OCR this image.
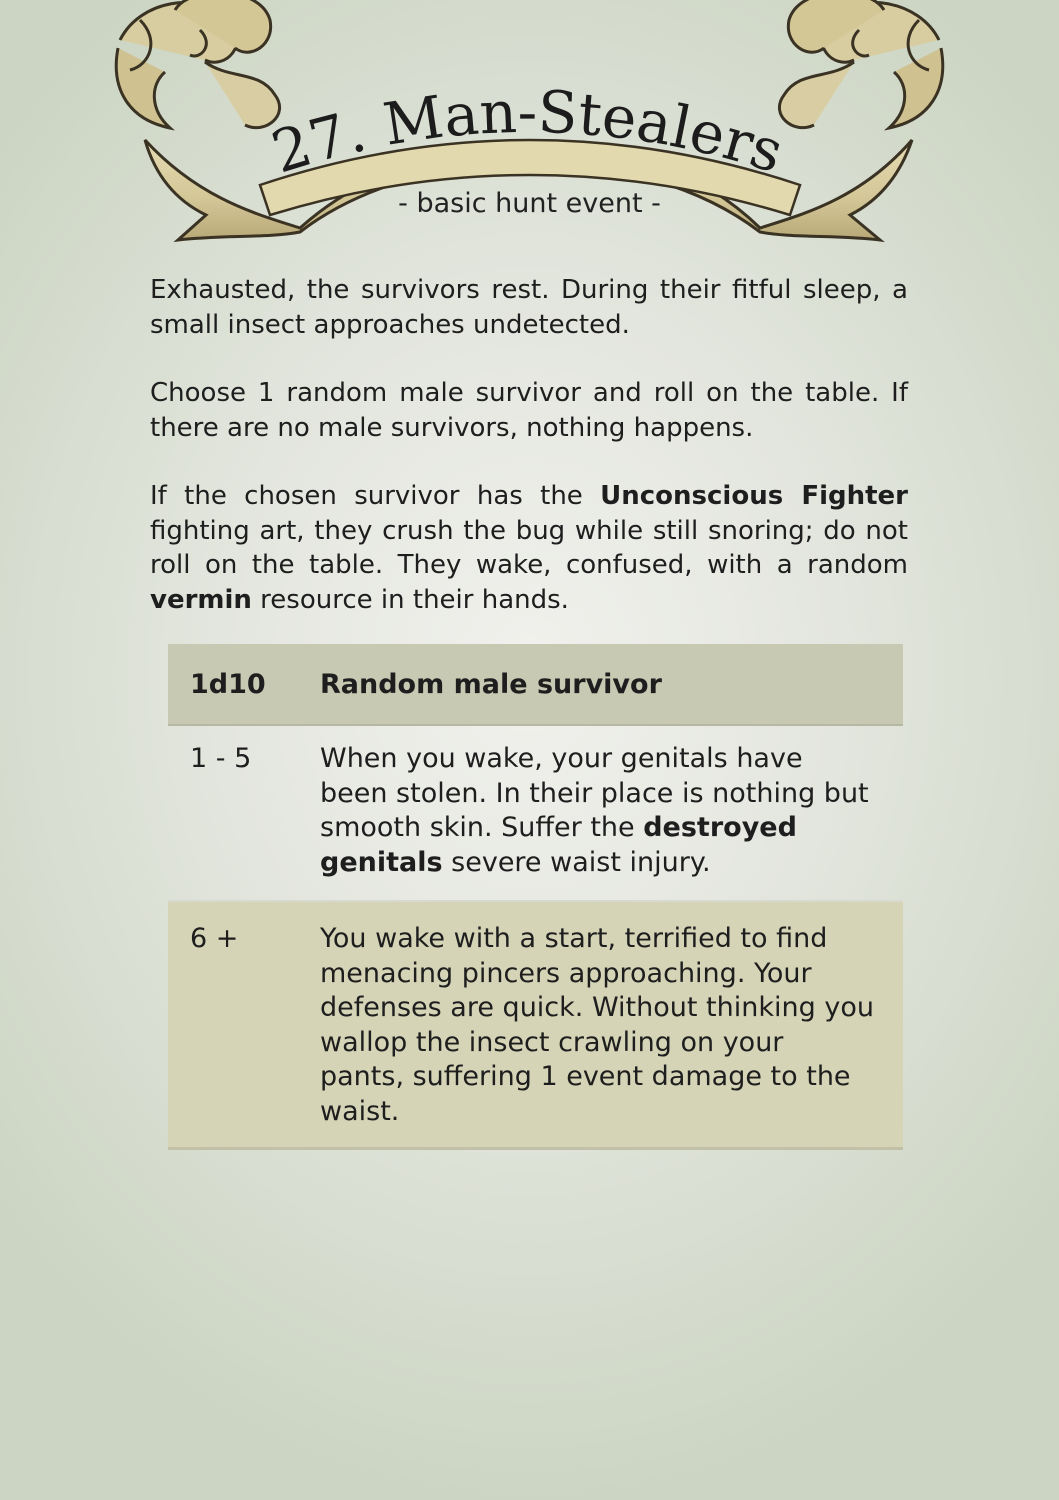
27. Man-Stealers
- basic hunt event -

Exhausted, the survivors rest. During their fitful sleep, a small insect approaches undetected.

Choose 1 random male survivor and roll on the table. If there are no male survivors, nothing happens.

If the chosen survivor has the Unconscious Fighter fighting art, they crush the bug while still snoring; do not roll on the table. They wake, confused, with a random vermin resource in their hands.

1d10	Random male survivor
1 - 5	When you wake, your genitals have been stolen. In their place is nothing but smooth skin. Suffer the destroyed genitals severe waist injury.
6 +	You wake with a start, terrified to find menacing pincers approaching. Your defenses are quick. Without thinking you wallop the insect crawling on your pants, suffering 1 event damage to the waist.
